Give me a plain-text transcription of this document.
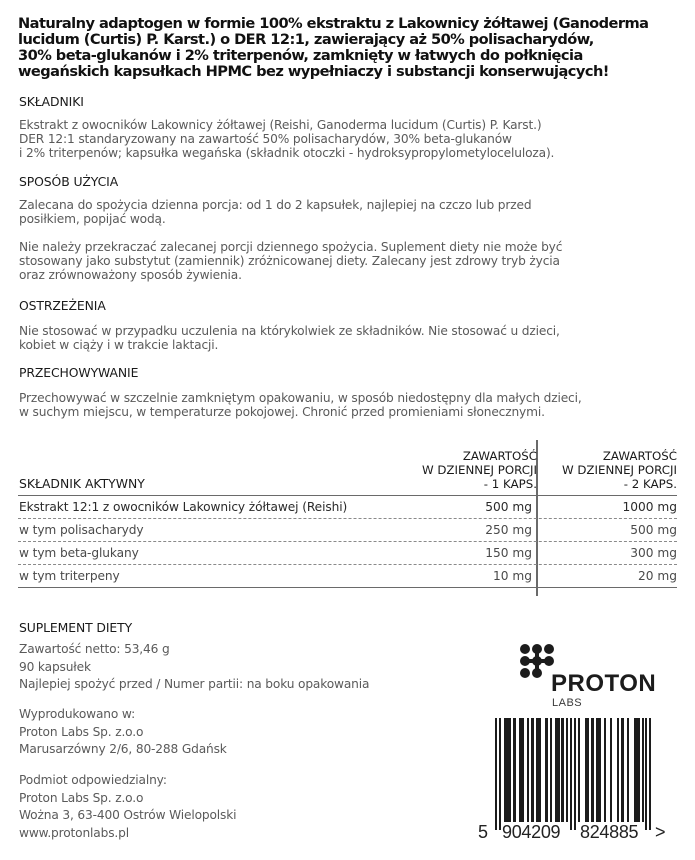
Naturalny adaptogen w formie 100% ekstraktu z Lakownicy żółtawej (Ganoderma
lucidum (Curtis) P. Karst.) o DER 12:1, zawierający aż 50% polisacharydów,
30% beta-glukanów i 2% triterpenów, zamknięty w łatwych do połknięcia
wegańskich kapsułkach HPMC bez wypełniaczy i substancji konserwujących!
SKŁADNIKI
Ekstrakt z owocników Lakownicy żółtawej (Reishi, Ganoderma lucidum (Curtis) P. Karst.)
DER 12:1 standaryzowany na zawartość 50% polisacharydów, 30% beta-glukanów
i 2% triterpenów; kapsułka wegańska (składnik otoczki - hydroksypropylometyloceluloza).
SPOSÓB UŻYCIA
Zalecana do spożycia dzienna porcja: od 1 do 2 kapsułek, najlepiej na czczo lub przed
posiłkiem, popijać wodą.
Nie należy przekraczać zalecanej porcji dziennego spożycia. Suplement diety nie może być
stosowany jako substytut (zamiennik) zróżnicowanej diety. Zalecany jest zdrowy tryb życia
oraz zrównoważony sposób żywienia.
OSTRZEŻENIA
Nie stosować w przypadku uczulenia na którykolwiek ze składników. Nie stosować u dzieci,
kobiet w ciąży i w trakcie laktacji.
PRZECHOWYWANIE
Przechowywać w szczelnie zamkniętym opakowaniu, w sposób niedostępny dla małych dzieci,
w suchym miejscu, w temperaturze pokojowej. Chronić przed promieniami słonecznymi.
SKŁADNIK AKTYWNY
ZAWARTOŚĆ
W DZIENNEJ PORCJI
- 1 KAPS.
ZAWARTOŚĆ
W DZIENNEJ PORCJI
- 2 KAPS.
Ekstrakt 12:1 z owocników Lakownicy żółtawej (Reishi)	500 mg	1000 mg
w tym polisacharydy	250 mg	500 mg
w tym beta-glukany	150 mg	300 mg
w tym triterpeny	10 mg	20 mg
SUPLEMENT DIETY
Zawartość netto: 53,46 g
90 kapsułek
Najlepiej spożyć przed / Numer partii: na boku opakowania
Wyprodukowano w:
Proton Labs Sp. z.o.o
Marusarzówny 2/6, 80-288 Gdańsk
Podmiot odpowiedzialny:
Proton Labs Sp. z.o.o
Wożna 3, 63-400 Ostrów Wielopolski
www.protonlabs.pl
PROTON
LABS
5 904209 824885 >
